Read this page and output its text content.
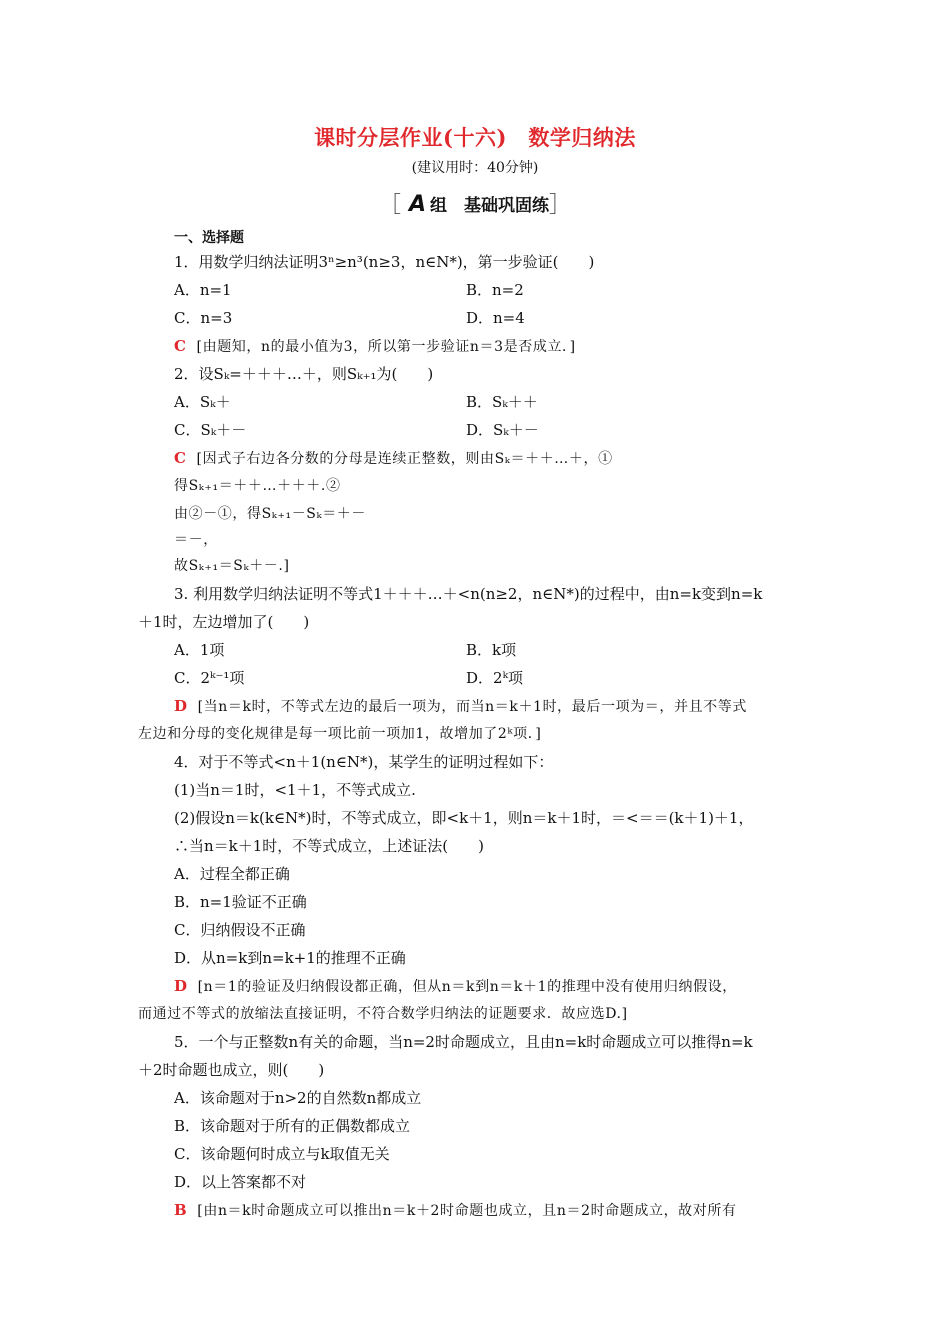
课时分层作业(十六)　数学归纳法
(建议用时：40分钟)
［ A 组　基础巩固练］
一、选择题
1．用数学归纳法证明3ⁿ≥n³(n≥3，n∈N*)，第一步验证(　　)
A．n=1	B．n=2
C．n=3	D．n=4
C [由题知，n的最小值为3，所以第一步验证n＝3是否成立．]
2．设Sₖ=＋＋＋…＋，则Sₖ₊₁为(　　)
A．Sₖ＋	B．Sₖ＋＋
C．Sₖ＋－	D．Sₖ＋－
C [因式子右边各分数的分母是连续正整数，则由Sₖ＝＋＋…＋，①
得Sₖ₊₁＝＋＋…＋＋＋.②
由②－①，得Sₖ₊₁－Sₖ＝＋－
＝－，
故Sₖ₊₁＝Sₖ＋－.]
3. 利用数学归纳法证明不等式1＋＋＋…＋<n(n≥2，n∈N*)的过程中，由n=k变到n=k
＋1时，左边增加了(　　)
A．1项	B．k项
C．2ᵏ⁻¹项	D．2ᵏ项
D [当n＝k时，不等式左边的最后一项为，而当n＝k＋1时，最后一项为＝，并且不等式
左边和分母的变化规律是每一项比前一项加1，故增加了2ᵏ项．]
4．对于不等式<n＋1(n∈N*)，某学生的证明过程如下：
(1)当n＝1时，<1＋1，不等式成立.
(2)假设n＝k(k∈N*)时，不等式成立，即<k＋1，则n＝k＋1时，＝<＝＝(k＋1)＋1，
∴当n＝k＋1时，不等式成立，上述证法(　　)
A．过程全都正确
B．n=1验证不正确
C．归纳假设不正确
D．从n=k到n=k+1的推理不正确
D [n＝1的验证及归纳假设都正确，但从n＝k到n＝k＋1的推理中没有使用归纳假设，
而通过不等式的放缩法直接证明，不符合数学归纳法的证题要求．故应选D.]
5．一个与正整数n有关的命题，当n=2时命题成立，且由n=k时命题成立可以推得n=k
＋2时命题也成立，则(　　)
A．该命题对于n>2的自然数n都成立
B．该命题对于所有的正偶数都成立
C．该命题何时成立与k取值无关
D．以上答案都不对
B [由n＝k时命题成立可以推出n＝k＋2时命题也成立，且n＝2时命题成立，故对所有
